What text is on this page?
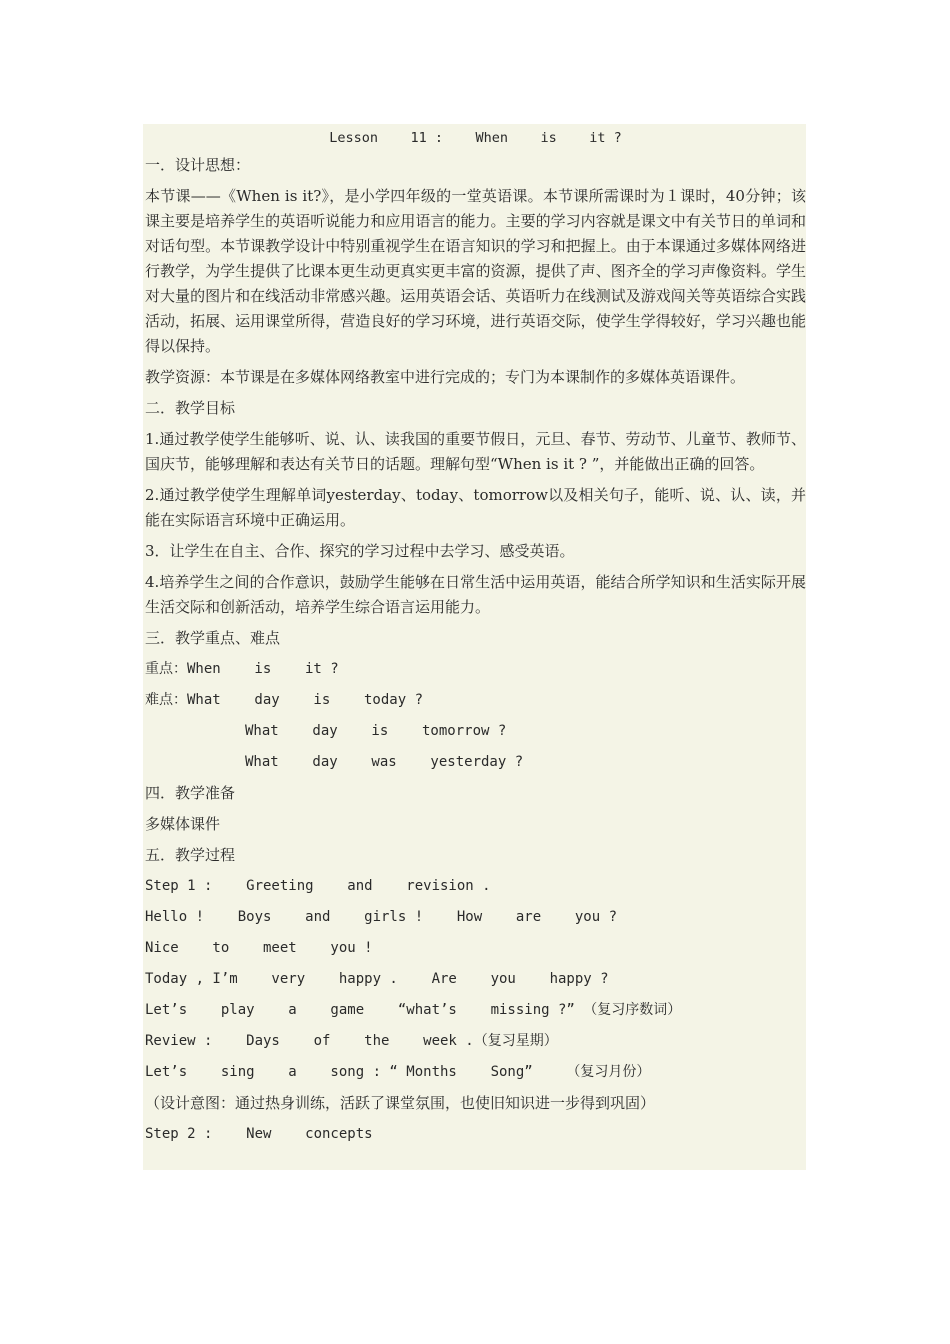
Lesson    11 :    When    is    it ?
一．设计思想：

本节课——《When is it?》，是小学四年级的一堂英语课。本节课所需课时为１课时，40分钟；该课主要是培养学生的英语听说能力和应用语言的能力。主要的学习内容就是课文中有关节日的单词和对话句型。本节课教学设计中特别重视学生在语言知识的学习和把握上。由于本课通过多媒体网络进行教学，为学生提供了比课本更生动更真实更丰富的资源，提供了声、图齐全的学习声像资料。学生对大量的图片和在线活动非常感兴趣。运用英语会话、英语听力在线测试及游戏闯关等英语综合实践活动，拓展、运用课堂所得，营造良好的学习环境，进行英语交际，使学生学得较好，学习兴趣也能得以保持。

教学资源：本节课是在多媒体网络教室中进行完成的；专门为本课制作的多媒体英语课件。

二．教学目标

1.通过教学使学生能够听、说、认、读我国的重要节假日，元旦、春节、劳动节、儿童节、教师节、国庆节，能够理解和表达有关节日的话题。理解句型“When is it ? ”，并能做出正确的回答。

2.通过教学使学生理解单词yesterday、today、tomorrow以及相关句子，能听、说、认、读，并能在实际语言环境中正确运用。

3．让学生在自主、合作、探究的学习过程中去学习、感受英语。

4.培养学生之间的合作意识，鼓励学生能够在日常生活中运用英语，能结合所学知识和生活实际开展生活交际和创新活动，培养学生综合语言运用能力。

三．教学重点、难点
重点：When    is    it ?
难点：What    day    is    today ?
What    day    is    tomorrow ?
What    day    was    yesterday ?
四．教学准备
多媒体课件
五．教学过程
Step 1 :    Greeting    and    revision .
Hello !    Boys    and    girls !    How    are    you ?
Nice    to    meet    you !
Today , I’m    very    happy .    Are    you    happy ?
Let’s    play    a    game    “what’s    missing ?” （复习序数词）
Review :    Days    of    the    week .（复习星期）
Let’s    sing    a    song : “ Months    Song”    （复习月份）
（设计意图：通过热身训练，活跃了课堂氛围，也使旧知识进一步得到巩固）
Step 2 :    New    concepts
